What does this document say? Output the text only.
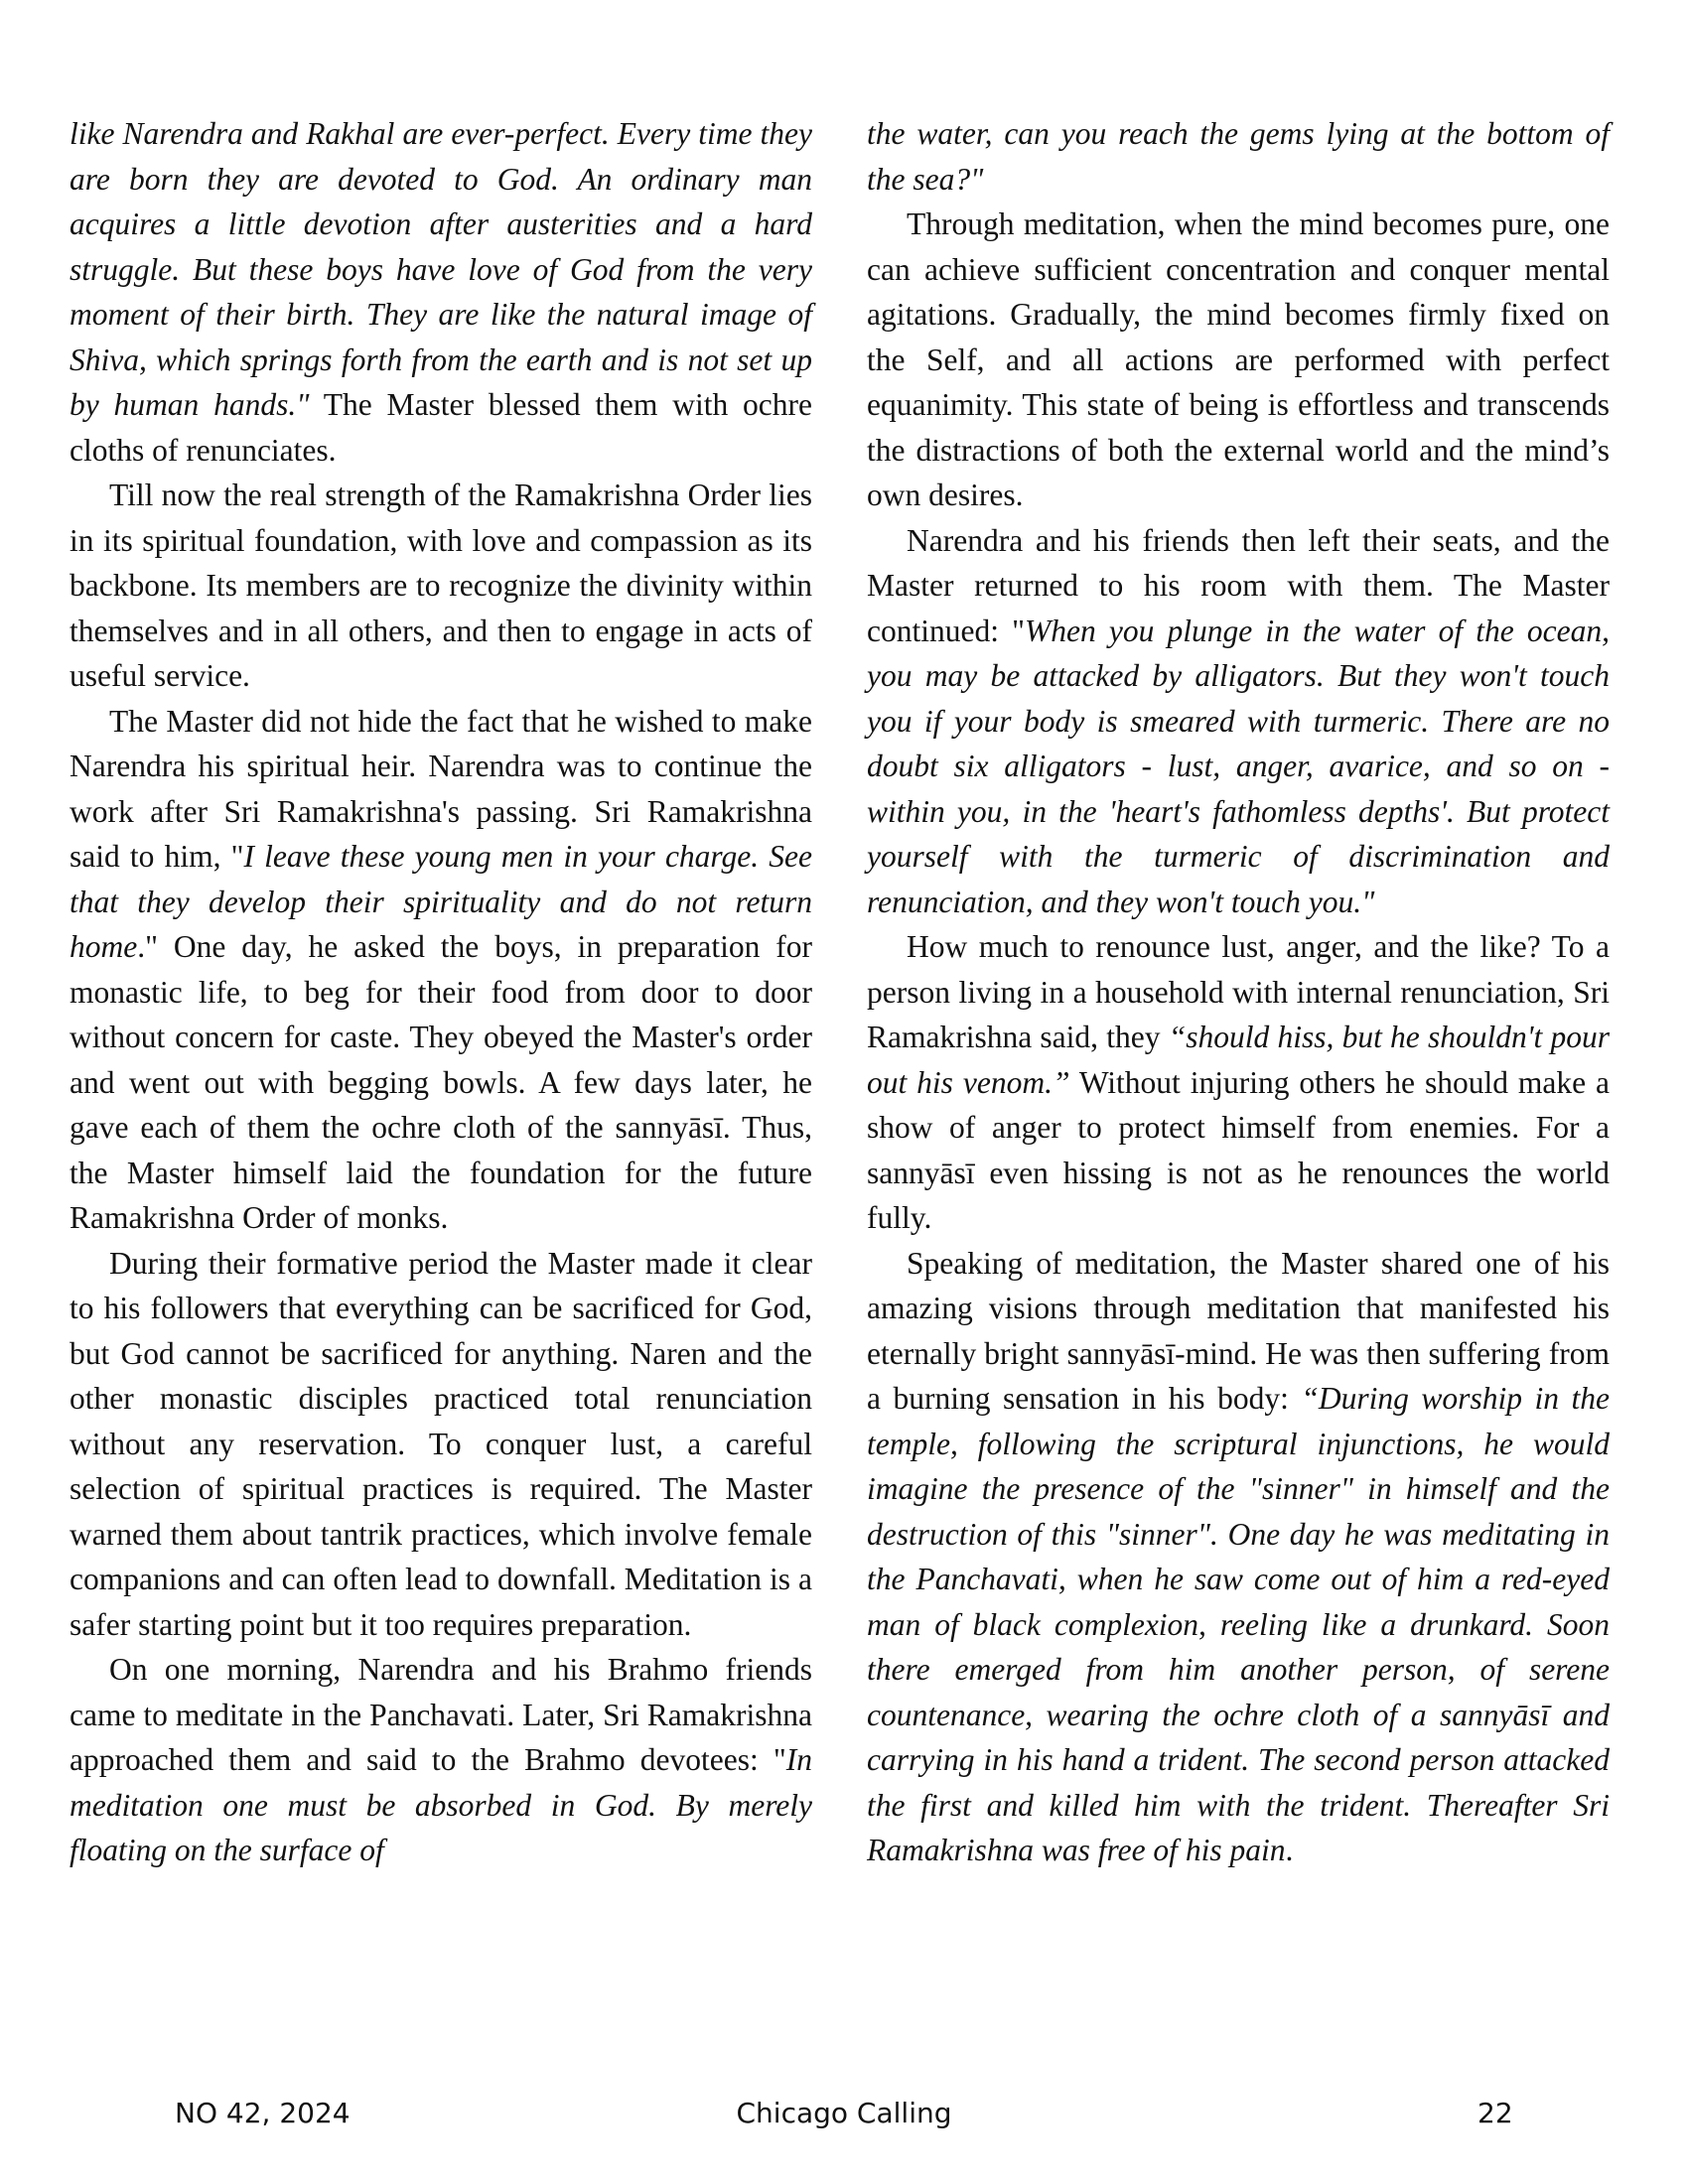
like Narendra and Rakhal are ever-perfect. Every time they are born they are devoted to God. An ordinary man acquires a little devotion after austerities and a hard struggle. But these boys have love of God from the very moment of their birth. They are like the natural image of Shiva, which springs forth from the earth and is not set up by human hands." The Master blessed them with ochre cloths of renunciates.

Till now the real strength of the Ramakrishna Order lies in its spiritual foundation, with love and compassion as its backbone. Its members are to recognize the divinity within themselves and in all others, and then to engage in acts of useful service.

The Master did not hide the fact that he wished to make Narendra his spiritual heir. Narendra was to continue the work after Sri Ramakrishna's passing. Sri Ramakrishna said to him, "I leave these young men in your charge. See that they develop their spirituality and do not return home." One day, he asked the boys, in preparation for monastic life, to beg for their food from door to door without concern for caste. They obeyed the Master's order and went out with begging bowls. A few days later, he gave each of them the ochre cloth of the sannyāsī. Thus, the Master himself laid the foundation for the future Ramakrishna Order of monks.

During their formative period the Master made it clear to his followers that everything can be sacrificed for God, but God cannot be sacrificed for anything. Naren and the other monastic disciples practiced total renunciation without any reservation. To conquer lust, a careful selection of spiritual practices is required. The Master warned them about tantrik practices, which involve female companions and can often lead to downfall. Meditation is a safer starting point but it too requires preparation.

On one morning, Narendra and his Brahmo friends came to meditate in the Panchavati. Later, Sri Ramakrishna approached them and said to the Brahmo devotees: "In meditation one must be absorbed in God. By merely floating on the surface of

the water, can you reach the gems lying at the bottom of the sea?"

Through meditation, when the mind becomes pure, one can achieve sufficient concentration and conquer mental agitations. Gradually, the mind becomes firmly fixed on the Self, and all actions are performed with perfect equanimity. This state of being is effortless and transcends the distractions of both the external world and the mind’s own desires.

Narendra and his friends then left their seats, and the Master returned to his room with them. The Master continued: "When you plunge in the water of the ocean, you may be attacked by alligators. But they won't touch you if your body is smeared with turmeric. There are no doubt six alligators - lust, anger, avarice, and so on - within you, in the 'heart's fathomless depths'. But protect yourself with the turmeric of discrimination and renunciation, and they won't touch you."

How much to renounce lust, anger, and the like? To a person living in a household with internal renunciation, Sri Ramakrishna said, they “should hiss, but he shouldn't pour out his venom.” Without injuring others he should make a show of anger to protect himself from enemies. For a sannyāsī even hissing is not as he renounces the world fully.

Speaking of meditation, the Master shared one of his amazing visions through meditation that manifested his eternally bright sannyāsī-mind. He was then suffering from a burning sensation in his body: “During worship in the temple, following the scriptural injunctions, he would imagine the presence of the "sinner" in himself and the destruction of this "sinner". One day he was meditating in the Panchavati, when he saw come out of him a red-eyed man of black complexion, reeling like a drunkard. Soon there emerged from him another person, of serene countenance, wearing the ochre cloth of a sannyāsī and carrying in his hand a trident. The second person attacked the first and killed him with the trident. Thereafter Sri Ramakrishna was free of his pain.

NO 42, 2024	Chicago Calling	22
